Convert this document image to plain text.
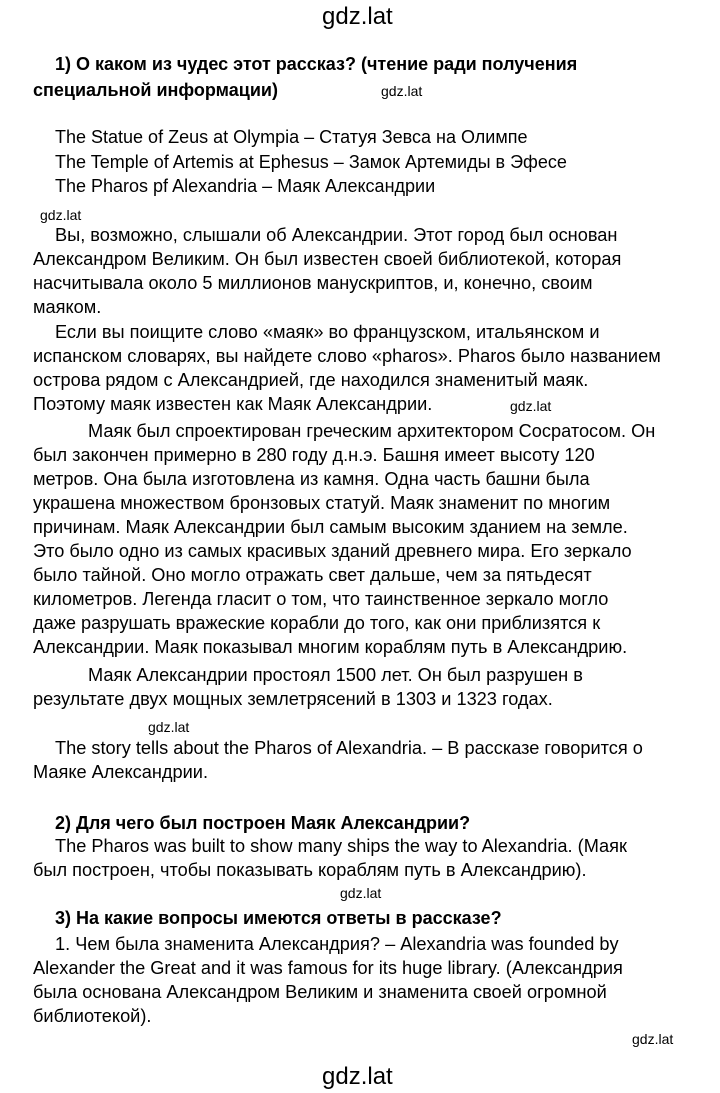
gdz.lat
1) О каком из чудес этот рассказ? (чтение ради получения
специальной информации)	gdz.lat
The Statue of Zeus at Olympia – Статуя Зевса на Олимпе
The Temple of Artemis at Ephesus – Замок Артемиды в Эфесе
The Pharos pf Alexandria – Маяк Александрии
gdz.lat
Вы, возможно, слышали об Александрии. Этот город был основан
Александром Великим. Он был известен своей библиотекой, которая
насчитывала около 5 миллионов манускриптов, и, конечно, своим
маяком.
Если вы поищите слово «маяк» во французском, итальянском и
испанском словарях, вы найдете слово «pharos». Pharos было названием
острова рядом с Александрией, где находился знаменитый маяк.
Поэтому маяк известен как Маяк Александрии.	gdz.lat
Маяк был спроектирован греческим архитектором Сосратосом. Он
был закончен примерно в 280 году д.н.э. Башня имеет высоту 120
метров. Она была изготовлена из камня. Одна часть башни была
украшена множеством бронзовых статуй. Маяк знаменит по многим
причинам. Маяк Александрии был самым высоким зданием на земле.
Это было одно из самых красивых зданий древнего мира. Его зеркало
было тайной. Оно могло отражать свет дальше, чем за пятьдесят
километров. Легенда гласит о том, что таинственное зеркало могло
даже разрушать вражеские корабли до того, как они приблизятся к
Александрии. Маяк показывал многим кораблям путь в Александрию.
Маяк Александрии простоял 1500 лет. Он был разрушен в
результате двух мощных землетрясений в 1303 и 1323 годах.
gdz.lat
The story tells about the Pharos of Alexandria. – В рассказе говорится о
Маяке Александрии.
2) Для чего был построен Маяк Александрии?
The Pharos was built to show many ships the way to Alexandria. (Маяк
был построен, чтобы показывать кораблям путь в Александрию).
gdz.lat
3) На какие вопросы имеются ответы в рассказе?
1. Чем была знаменита Александрия? – Alexandria was founded by
Alexander the Great and it was famous for its huge library. (Александрия
была основана Александром Великим и знаменита своей огромной
библиотекой).
gdz.lat
gdz.lat
